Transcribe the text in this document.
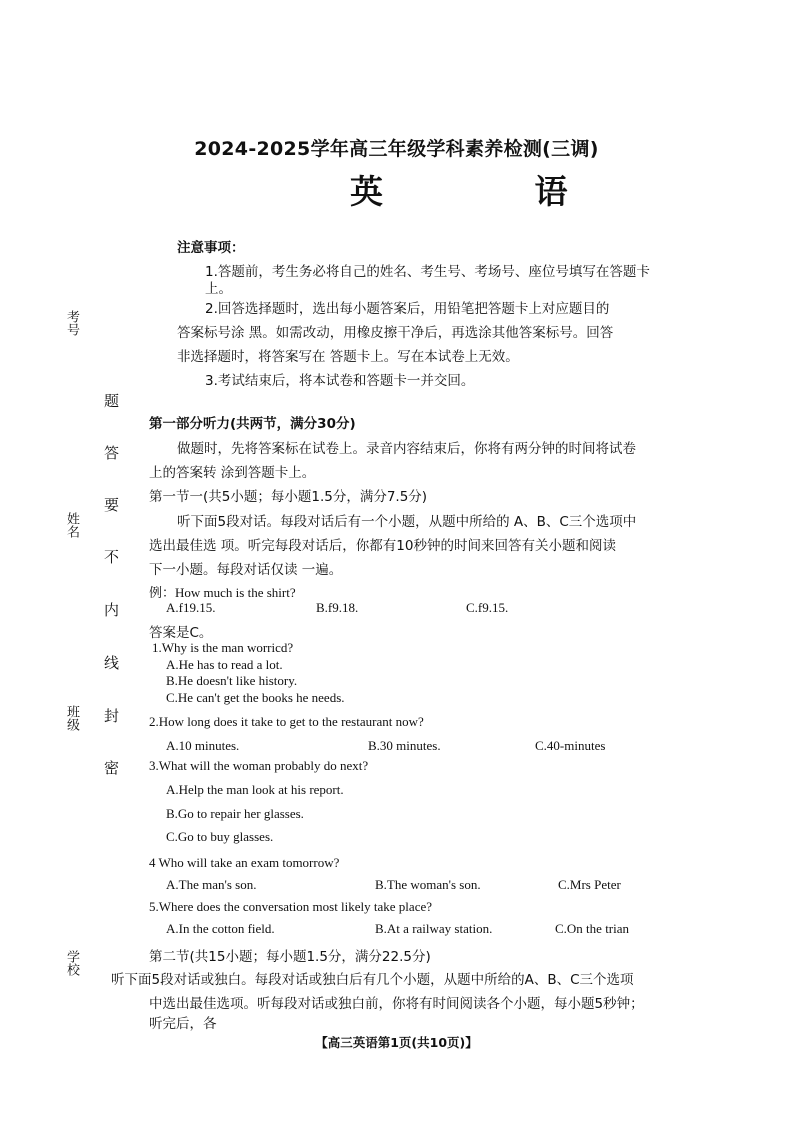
2024-2025学年高三年级学科素养检测(三调)
英 语
考号
姓名
班级
学校
题
答
要
不
内
线
封
密
注意事项：
1.答题前，考生务必将自己的姓名、考生号、考场号、座位号填写在答题卡
上。
2.回答选择题时，选出每小题答案后，用铅笔把答题卡上对应题目的
答案标号涂 黑。如需改动，用橡皮擦干净后，再选涂其他答案标号。回答
非选择题时，将答案写在 答题卡上。写在本试卷上无效。
3.考试结束后，将本试卷和答题卡一并交回。
第一部分听力(共两节，满分30分)
做题时，先将答案标在试卷上。录音内容结束后，你将有两分钟的时间将试卷
上的答案转 涂到答题卡上。
第一节一(共5小题；每小题1.5分，满分7.5分)
听下面5段对话。每段对话后有一个小题，从题中所给的 A、B、C三个选项中
选出最佳选 项。听完每段对话后，你都有10秒钟的时间来回答有关小题和阅读
下一小题。每段对话仅读 一遍。
例：How much is the shirt?
A.f19.15.	B.f9.18.	C.f9.15.
答案是C。
1.Why is the man worricd?
A.He has to read a lot.
B.He doesn't like history.
C.He can't get the books he needs.
2.How long does it take to get to the restaurant now?
A.10 minutes.	B.30 minutes.	C.40-minutes
3.What will the woman probably do next?
A.Help the man look at his report.
B.Go to repair her glasses.
C.Go to buy glasses.
4 Who will take an exam tomorrow?
A.The man's son.	B.The woman's son.	C.Mrs Peter
5.Where does the conversation most likely take place?
A.In the cotton field.	B.At a railway station.	C.On the trian
第二节(共15小题；每小题1.5分，满分22.5分)
听下面5段对话或独白。每段对话或独白后有几个小题，从题中所给的A、B、C三个选项
中选出最佳选项。听每段对话或独白前，你将有时间阅读各个小题，每小题5秒钟；
听完后，各
【高三英语第1页(共10页)】
